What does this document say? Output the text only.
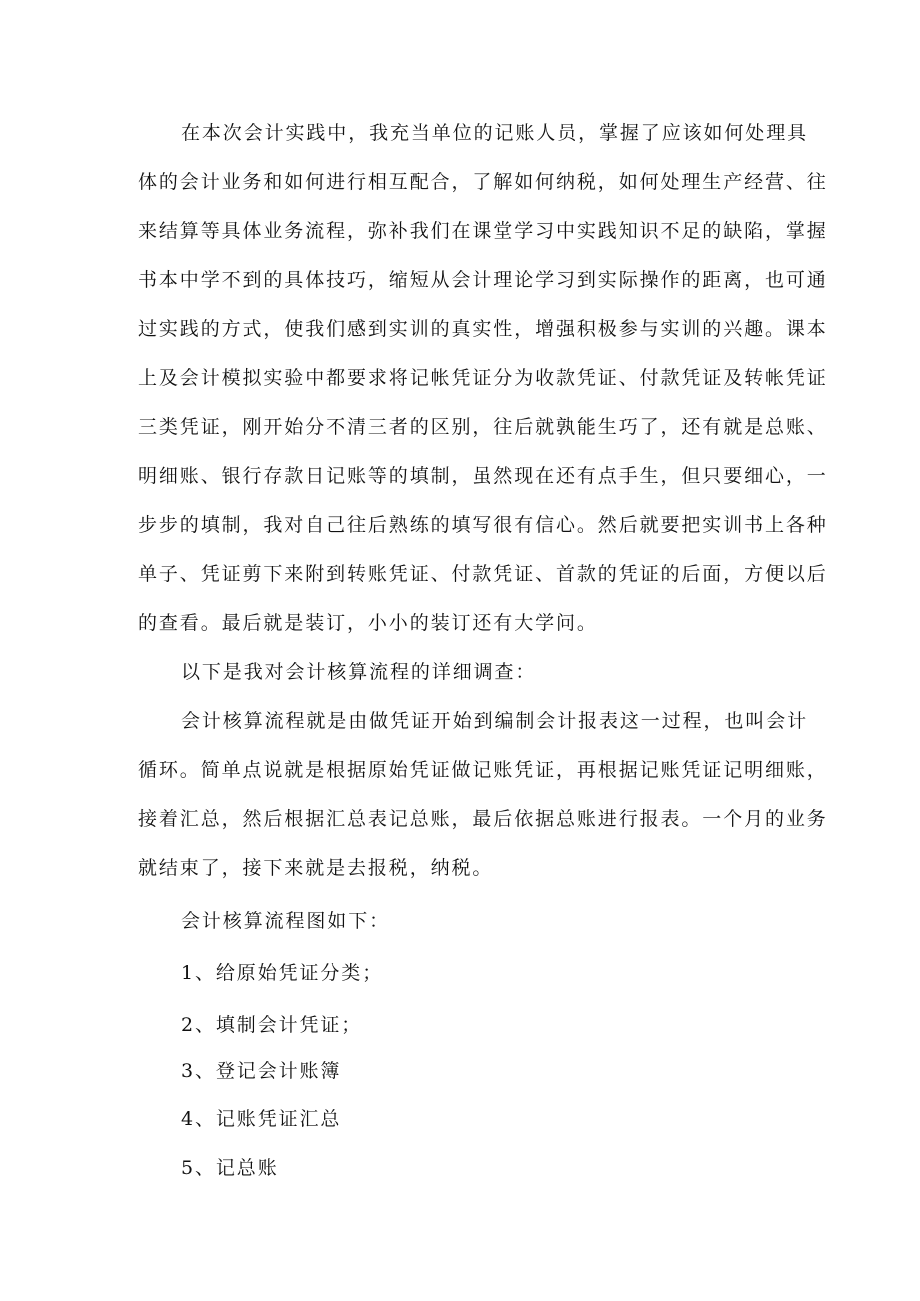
在本次会计实践中，我充当单位的记账人员，掌握了应该如何处理具
体的会计业务和如何进行相互配合，了解如何纳税，如何处理生产经营、往
来结算等具体业务流程，弥补我们在课堂学习中实践知识不足的缺陷，掌握
书本中学不到的具体技巧，缩短从会计理论学习到实际操作的距离，也可通
过实践的方式，使我们感到实训的真实性，增强积极参与实训的兴趣。课本
上及会计模拟实验中都要求将记帐凭证分为收款凭证、付款凭证及转帐凭证
三类凭证，刚开始分不清三者的区别，往后就孰能生巧了，还有就是总账、
明细账、银行存款日记账等的填制，虽然现在还有点手生，但只要细心，一
步步的填制，我对自己往后熟练的填写很有信心。然后就要把实训书上各种
单子、凭证剪下来附到转账凭证、付款凭证、首款的凭证的后面，方便以后
的查看。最后就是装订，小小的装订还有大学问。
以下是我对会计核算流程的详细调查：
会计核算流程就是由做凭证开始到编制会计报表这一过程，也叫会计
循环。简单点说就是根据原始凭证做记账凭证，再根据记账凭证记明细账，
接着汇总，然后根据汇总表记总账，最后依据总账进行报表。一个月的业务
就结束了，接下来就是去报税，纳税。
会计核算流程图如下：
1、给原始凭证分类；
2、填制会计凭证；
3、登记会计账簿
4、记账凭证汇总
5、记总账
